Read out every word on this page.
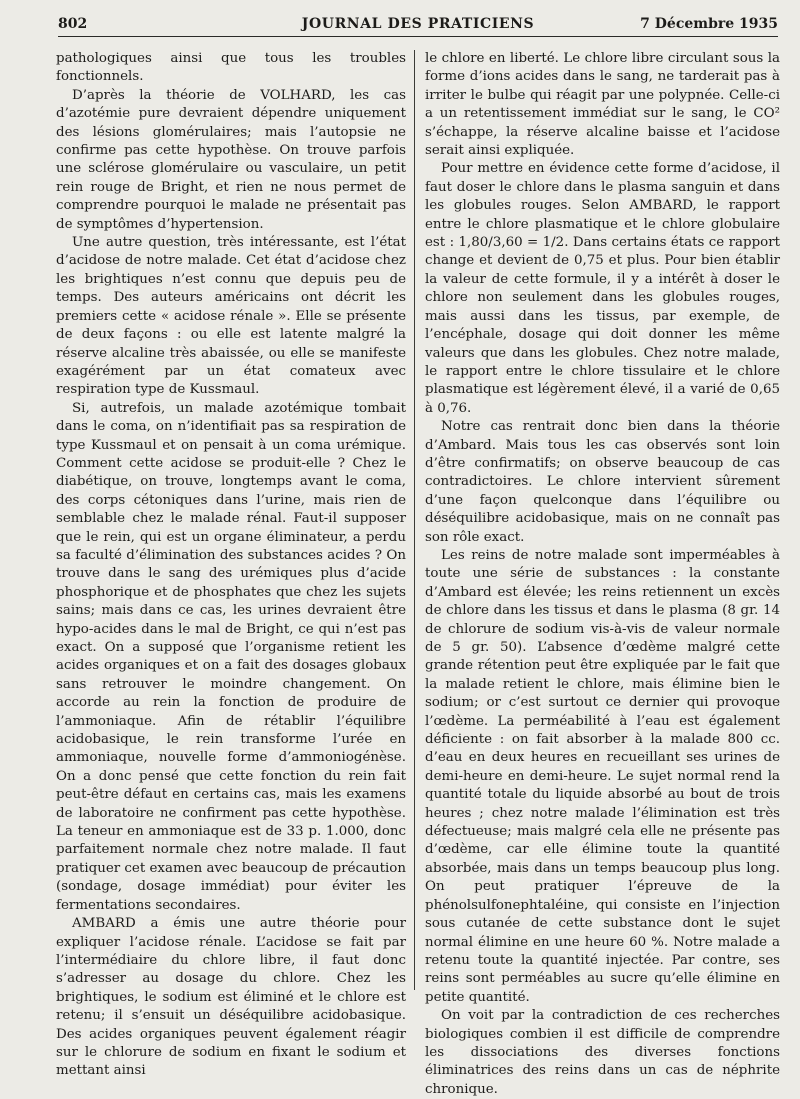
802	JOURNAL DES PRATICIENS	7 Décembre 1935

pathologiques ainsi que tous les troubles fonctionnels.

D’après la théorie de VOLHARD, les cas d’azotémie pure devraient dépendre uniquement des lésions glomérulaires; mais l’autopsie ne confirme pas cette hypothèse. On trouve parfois une sclérose glomérulaire ou vasculaire, un petit rein rouge de Bright, et rien ne nous permet de comprendre pourquoi le malade ne présentait pas de symptômes d’hypertension.

Une autre question, très intéressante, est l’état d’acidose de notre malade. Cet état d’acidose chez les brightiques n’est connu que depuis peu de temps. Des auteurs américains ont décrit les premiers cette « acidose rénale ». Elle se présente de deux façons : ou elle est latente malgré la réserve alcaline très abaissée, ou elle se manifeste exagérément par un état comateux avec respiration type de Kussmaul.

Si, autrefois, un malade azotémique tombait dans le coma, on n’identifiait pas sa respiration de type Kussmaul et on pensait à un coma urémique. Comment cette acidose se produit-elle ? Chez le diabétique, on trouve, longtemps avant le coma, des corps cétoniques dans l’urine, mais rien de semblable chez le malade rénal. Faut-il supposer que le rein, qui est un organe éliminateur, a perdu sa faculté d’élimination des substances acides ? On trouve dans le sang des urémiques plus d’acide phosphorique et de phosphates que chez les sujets sains; mais dans ce cas, les urines devraient être hypo-acides dans le mal de Bright, ce qui n’est pas exact. On a supposé que l’organisme retient les acides organiques et on a fait des dosages globaux sans retrouver le moindre changement. On accorde au rein la fonction de produire de l’ammoniaque. Afin de rétablir l’équilibre acidobasique, le rein transforme l’urée en ammoniaque, nouvelle forme d’ammoniogénèse. On a donc pensé que cette fonction du rein fait peut-être défaut en certains cas, mais les examens de laboratoire ne confirment pas cette hypothèse. La teneur en ammoniaque est de 33 p. 1.000, donc parfaitement normale chez notre malade. Il faut pratiquer cet examen avec beaucoup de précaution (sondage, dosage immédiat) pour éviter les fermentations secondaires.

AMBARD a émis une autre théorie pour expliquer l’acidose rénale. L’acidose se fait par l’intermédiaire du chlore libre, il faut donc s’adresser au dosage du chlore. Chez les brightiques, le sodium est éliminé et le chlore est retenu; il s’ensuit un déséquilibre acidobasique. Des acides organiques peuvent également réagir sur le chlorure de sodium en fixant le sodium et mettant ainsi

le chlore en liberté. Le chlore libre circulant sous la forme d’ions acides dans le sang, ne tarderait pas à irriter le bulbe qui réagit par une polypnée. Celle-ci a un retentissement immédiat sur le sang, le CO² s’échappe, la réserve alcaline baisse et l’acidose serait ainsi expliquée.

Pour mettre en évidence cette forme d’acidose, il faut doser le chlore dans le plasma sanguin et dans les globules rouges. Selon AMBARD, le rapport entre le chlore plasmatique et le chlore globulaire est : 1,80/3,60 = 1/2. Dans certains états ce rapport change et devient de 0,75 et plus. Pour bien établir la valeur de cette formule, il y a intérêt à doser le chlore non seulement dans les globules rouges, mais aussi dans les tissus, par exemple, de l’encéphale, dosage qui doit donner les même valeurs que dans les globules. Chez notre malade, le rapport entre le chlore tissulaire et le chlore plasmatique est légèrement élevé, il a varié de 0,65 à 0,76.

Notre cas rentrait donc bien dans la théorie d’Ambard. Mais tous les cas observés sont loin d’être confirmatifs; on observe beaucoup de cas contradictoires. Le chlore intervient sûrement d’une façon quelconque dans l’équilibre ou déséquilibre acidobasique, mais on ne connaît pas son rôle exact.

Les reins de notre malade sont imperméables à toute une série de substances : la constante d’Ambard est élevée; les reins retiennent un excès de chlore dans les tissus et dans le plasma (8 gr. 14 de chlorure de sodium vis-à-vis de valeur normale de 5 gr. 50). L’absence d’œdème malgré cette grande rétention peut être expliquée par le fait que la malade retient le chlore, mais élimine bien le sodium; or c’est surtout ce dernier qui provoque l’œdème. La perméabilité à l’eau est également déficiente : on fait absorber à la malade 800 cc. d’eau en deux heures en recueillant ses urines de demi-heure en demi-heure. Le sujet normal rend la quantité totale du liquide absorbé au bout de trois heures ; chez notre malade l’élimination est très défectueuse; mais malgré cela elle ne présente pas d’œdème, car elle élimine toute la quantité absorbée, mais dans un temps beaucoup plus long. On peut pratiquer l’épreuve de la phénolsulfonephtaléine, qui consiste en l’injection sous cutanée de cette substance dont le sujet normal élimine en une heure 60 %. Notre malade a retenu toute la quantité injectée. Par contre, ses reins sont perméables au sucre qu’elle élimine en petite quantité.

On voit par la contradiction de ces recherches biologiques combien il est difficile de comprendre les dissociations des diverses fonctions éliminatrices des reins dans un cas de néphrite chronique.
